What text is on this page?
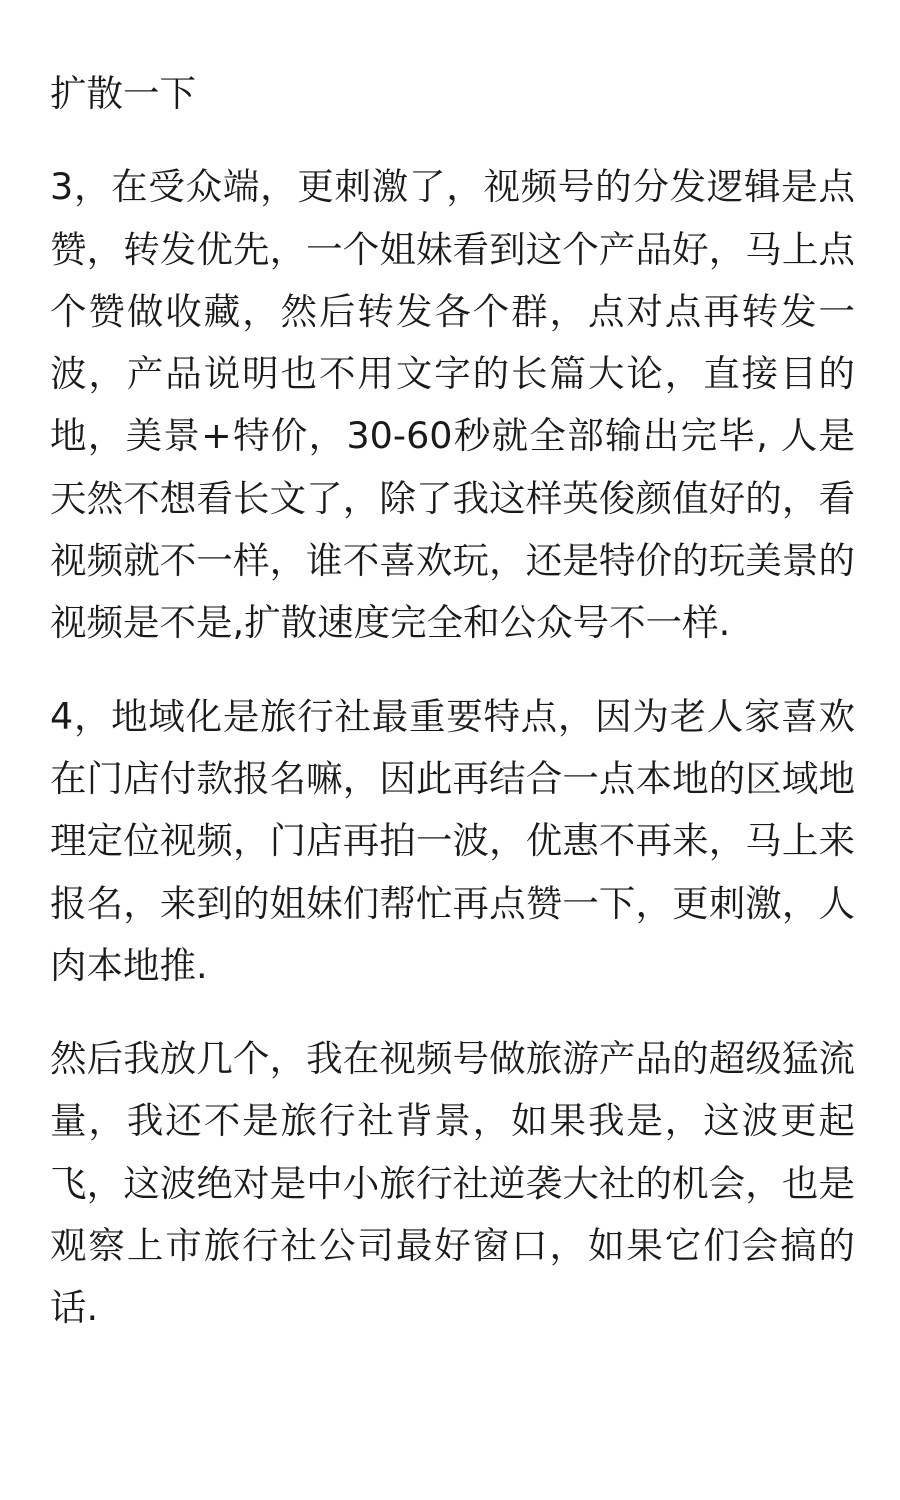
扩散一下

3，在受众端，更刺激了，视频号的分发逻辑是点赞，转发优先，一个姐妹看到这个产品好，马上点个赞做收藏，然后转发各个群，点对点再转发一波，产品说明也不用文字的长篇大论，直接目的地，美景+特价，30-60秒就全部输出完毕, 人是天然不想看长文了，除了我这样英俊颜值好的，看视频就不一样，谁不喜欢玩，还是特价的玩美景的视频是不是,扩散速度完全和公众号不一样.

4，地域化是旅行社最重要特点，因为老人家喜欢在门店付款报名嘛，因此再结合一点本地的区域地理定位视频，门店再拍一波，优惠不再来，马上来报名，来到的姐妹们帮忙再点赞一下，更刺激，人肉本地推.

然后我放几个，我在视频号做旅游产品的超级猛流量，我还不是旅行社背景，如果我是，这波更起飞，这波绝对是中小旅行社逆袭大社的机会，也是观察上市旅行社公司最好窗口，如果它们会搞的话.
